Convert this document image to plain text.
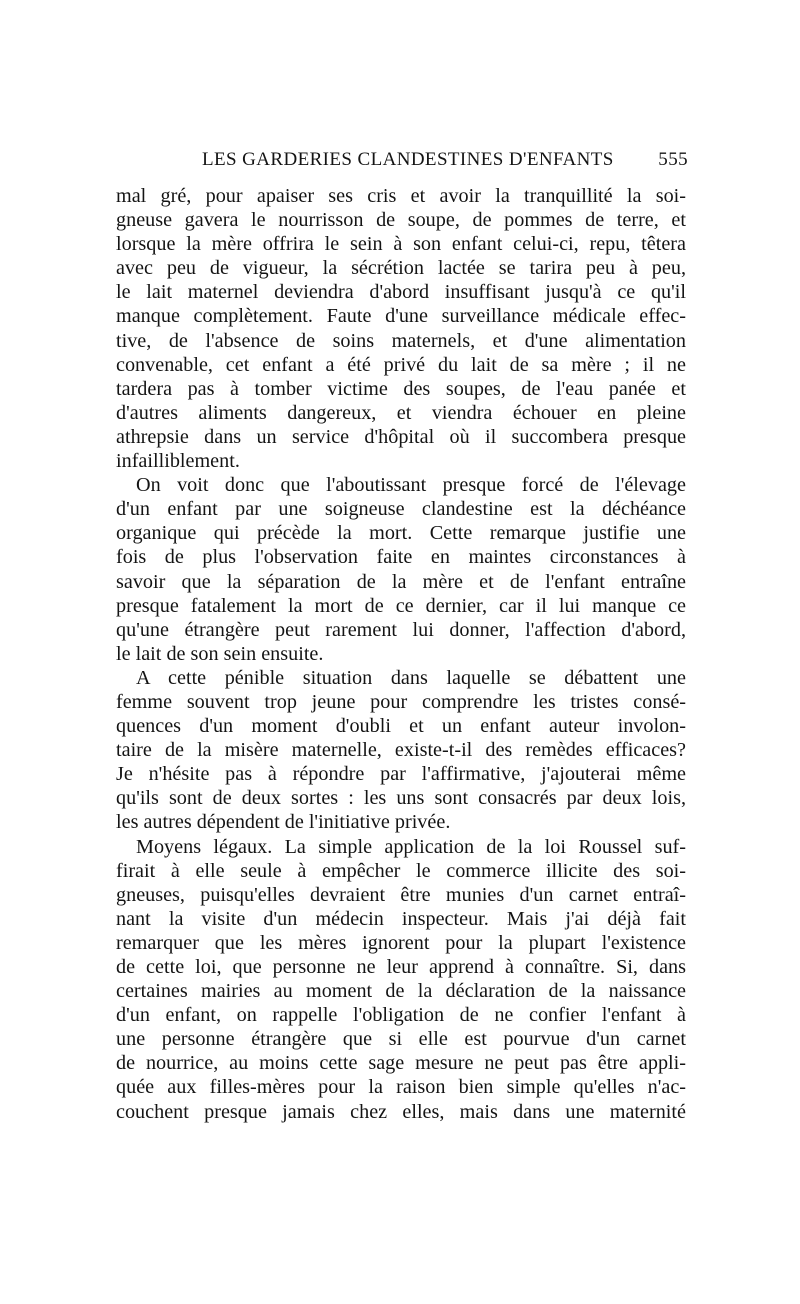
LES GARDERIES CLANDESTINES D'ENFANTS 555
mal gré, pour apaiser ses cris et avoir la tranquillité la soi-
gneuse gavera le nourrisson de soupe, de pommes de terre, et
lorsque la mère offrira le sein à son enfant celui-ci, repu, têtera
avec peu de vigueur, la sécrétion lactée se tarira peu à peu,
le lait maternel deviendra d'abord insuffisant jusqu'à ce qu'il
manque complètement. Faute d'une surveillance médicale effec-
tive, de l'absence de soins maternels, et d'une alimentation
convenable, cet enfant a été privé du lait de sa mère ; il ne
tardera pas à tomber victime des soupes, de l'eau panée et
d'autres aliments dangereux, et viendra échouer en pleine
athrepsie dans un service d'hôpital où il succombera presque
infailliblement.
On voit donc que l'aboutissant presque forcé de l'élevage
d'un enfant par une soigneuse clandestine est la déchéance
organique qui précède la mort. Cette remarque justifie une
fois de plus l'observation faite en maintes circonstances à
savoir que la séparation de la mère et de l'enfant entraîne
presque fatalement la mort de ce dernier, car il lui manque ce
qu'une étrangère peut rarement lui donner, l'affection d'abord,
le lait de son sein ensuite.
A cette pénible situation dans laquelle se débattent une
femme souvent trop jeune pour comprendre les tristes consé-
quences d'un moment d'oubli et un enfant auteur involon-
taire de la misère maternelle, existe-t-il des remèdes efficaces?
Je n'hésite pas à répondre par l'affirmative, j'ajouterai même
qu'ils sont de deux sortes : les uns sont consacrés par deux lois,
les autres dépendent de l'initiative privée.
Moyens légaux. La simple application de la loi Roussel suf-
firait à elle seule à empêcher le commerce illicite des soi-
gneuses, puisqu'elles devraient être munies d'un carnet entraî-
nant la visite d'un médecin inspecteur. Mais j'ai déjà fait
remarquer que les mères ignorent pour la plupart l'existence
de cette loi, que personne ne leur apprend à connaître. Si, dans
certaines mairies au moment de la déclaration de la naissance
d'un enfant, on rappelle l'obligation de ne confier l'enfant à
une personne étrangère que si elle est pourvue d'un carnet
de nourrice, au moins cette sage mesure ne peut pas être appli-
quée aux filles-mères pour la raison bien simple qu'elles n'ac-
couchent presque jamais chez elles, mais dans une maternité
